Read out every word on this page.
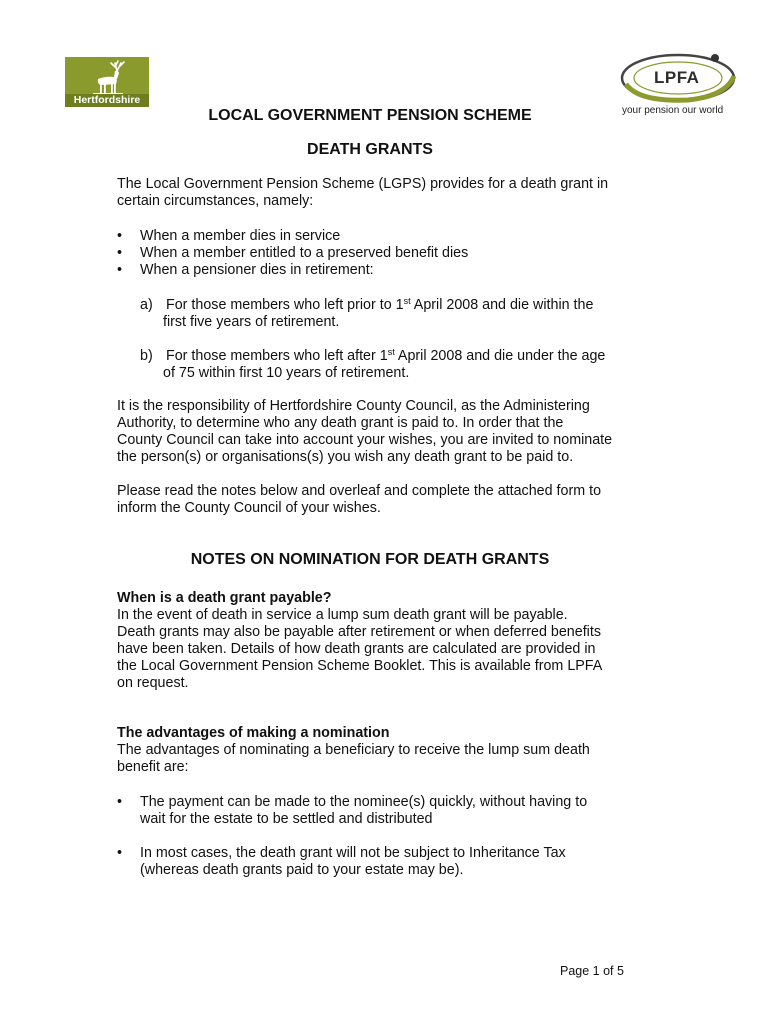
Hertfordshire
LPFA
your pension our world
LOCAL GOVERNMENT PENSION SCHEME
DEATH GRANTS
The Local Government Pension Scheme (LGPS) provides for a death grant in
certain circumstances, namely:
• When a member dies in service
• When a member entitled to a preserved benefit dies
• When a pensioner dies in retirement:
a) For those members who left prior to 1st April 2008 and die within the
first five years of retirement.
b) For those members who left after 1st April 2008 and die under the age
of 75 within first 10 years of retirement.
It is the responsibility of Hertfordshire County Council, as the Administering
Authority, to determine who any death grant is paid to. In order that the
County Council can take into account your wishes, you are invited to nominate
the person(s) or organisations(s) you wish any death grant to be paid to.
Please read the notes below and overleaf and complete the attached form to
inform the County Council of your wishes.
NOTES ON NOMINATION FOR DEATH GRANTS
When is a death grant payable?
In the event of death in service a lump sum death grant will be payable.
Death grants may also be payable after retirement or when deferred benefits
have been taken. Details of how death grants are calculated are provided in
the Local Government Pension Scheme Booklet. This is available from LPFA
on request.
The advantages of making a nomination
The advantages of nominating a beneficiary to receive the lump sum death
benefit are:
• The payment can be made to the nominee(s) quickly, without having to
wait for the estate to be settled and distributed
• In most cases, the death grant will not be subject to Inheritance Tax
(whereas death grants paid to your estate may be).
Page 1 of 5
